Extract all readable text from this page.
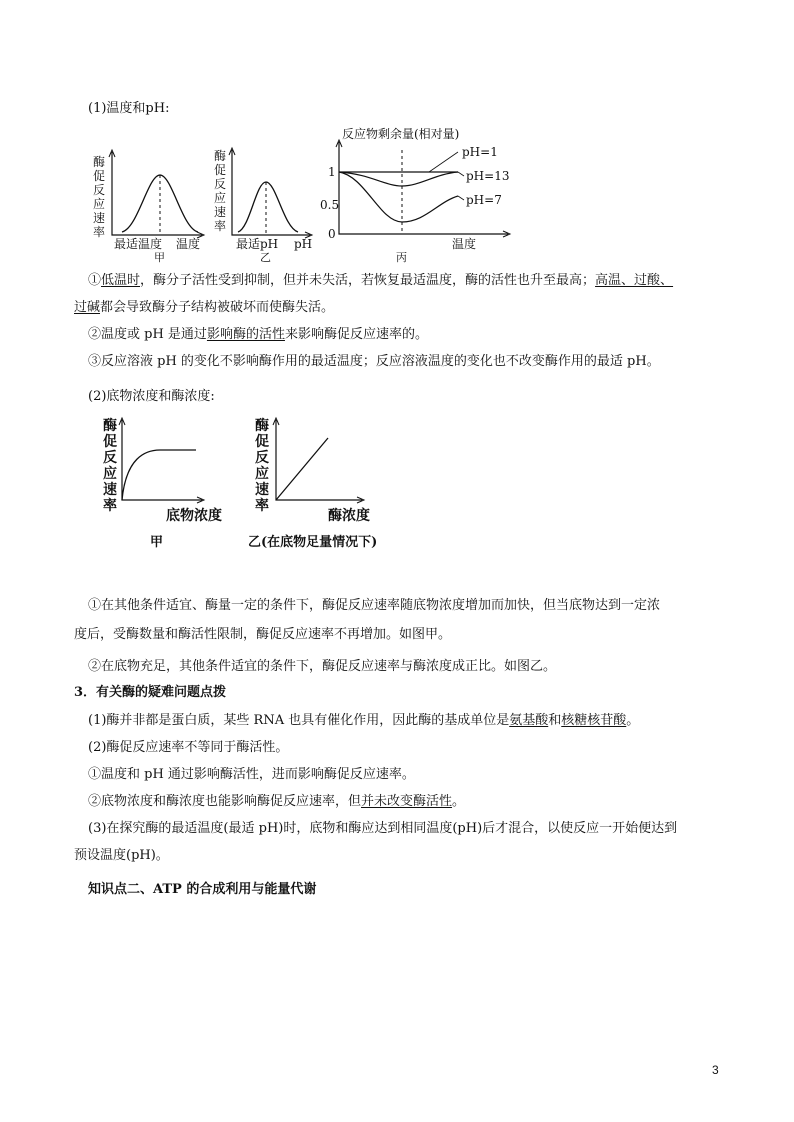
(1)温度和pH:
酶
促
反
应
速
率
最适温度 温度
甲
酶
促
反
应
速
率
最适pH pH
乙
反应物剩余量(相对量)
1
0.5
0
pH=1
pH=13
pH=7
温度
丙
①低温时，酶分子活性受到抑制，但并未失活，若恢复最适温度，酶的活性也升至最高；高温、过酸、
过碱都会导致酶分子结构被破坏而使酶失活。
②温度或 pH 是通过影响酶的活性来影响酶促反应速率的。
③反应溶液 pH 的变化不影响酶作用的最适温度；反应溶液温度的变化也不改变酶作用的最适 pH。
(2)底物浓度和酶浓度:
酶
促
反
应
速
率
底物浓度
甲
酶
促
反
应
速
率
酶浓度
乙(在底物足量情况下)
①在其他条件适宜、酶量一定的条件下，酶促反应速率随底物浓度增加而加快，但当底物达到一定浓
度后，受酶数量和酶活性限制，酶促反应速率不再增加。如图甲。
②在底物充足，其他条件适宜的条件下，酶促反应速率与酶浓度成正比。如图乙。
3．有关酶的疑难问题点拨
(1)酶并非都是蛋白质，某些 RNA 也具有催化作用，因此酶的基成单位是氨基酸和核糖核苷酸。
(2)酶促反应速率不等同于酶活性。
①温度和 pH 通过影响酶活性，进而影响酶促反应速率。
②底物浓度和酶浓度也能影响酶促反应速率，但并未改变酶活性。
(3)在探究酶的最适温度(最适 pH)时，底物和酶应达到相同温度(pH)后才混合，以使反应一开始便达到
预设温度(pH)。
知识点二、ATP 的合成利用与能量代谢
3
